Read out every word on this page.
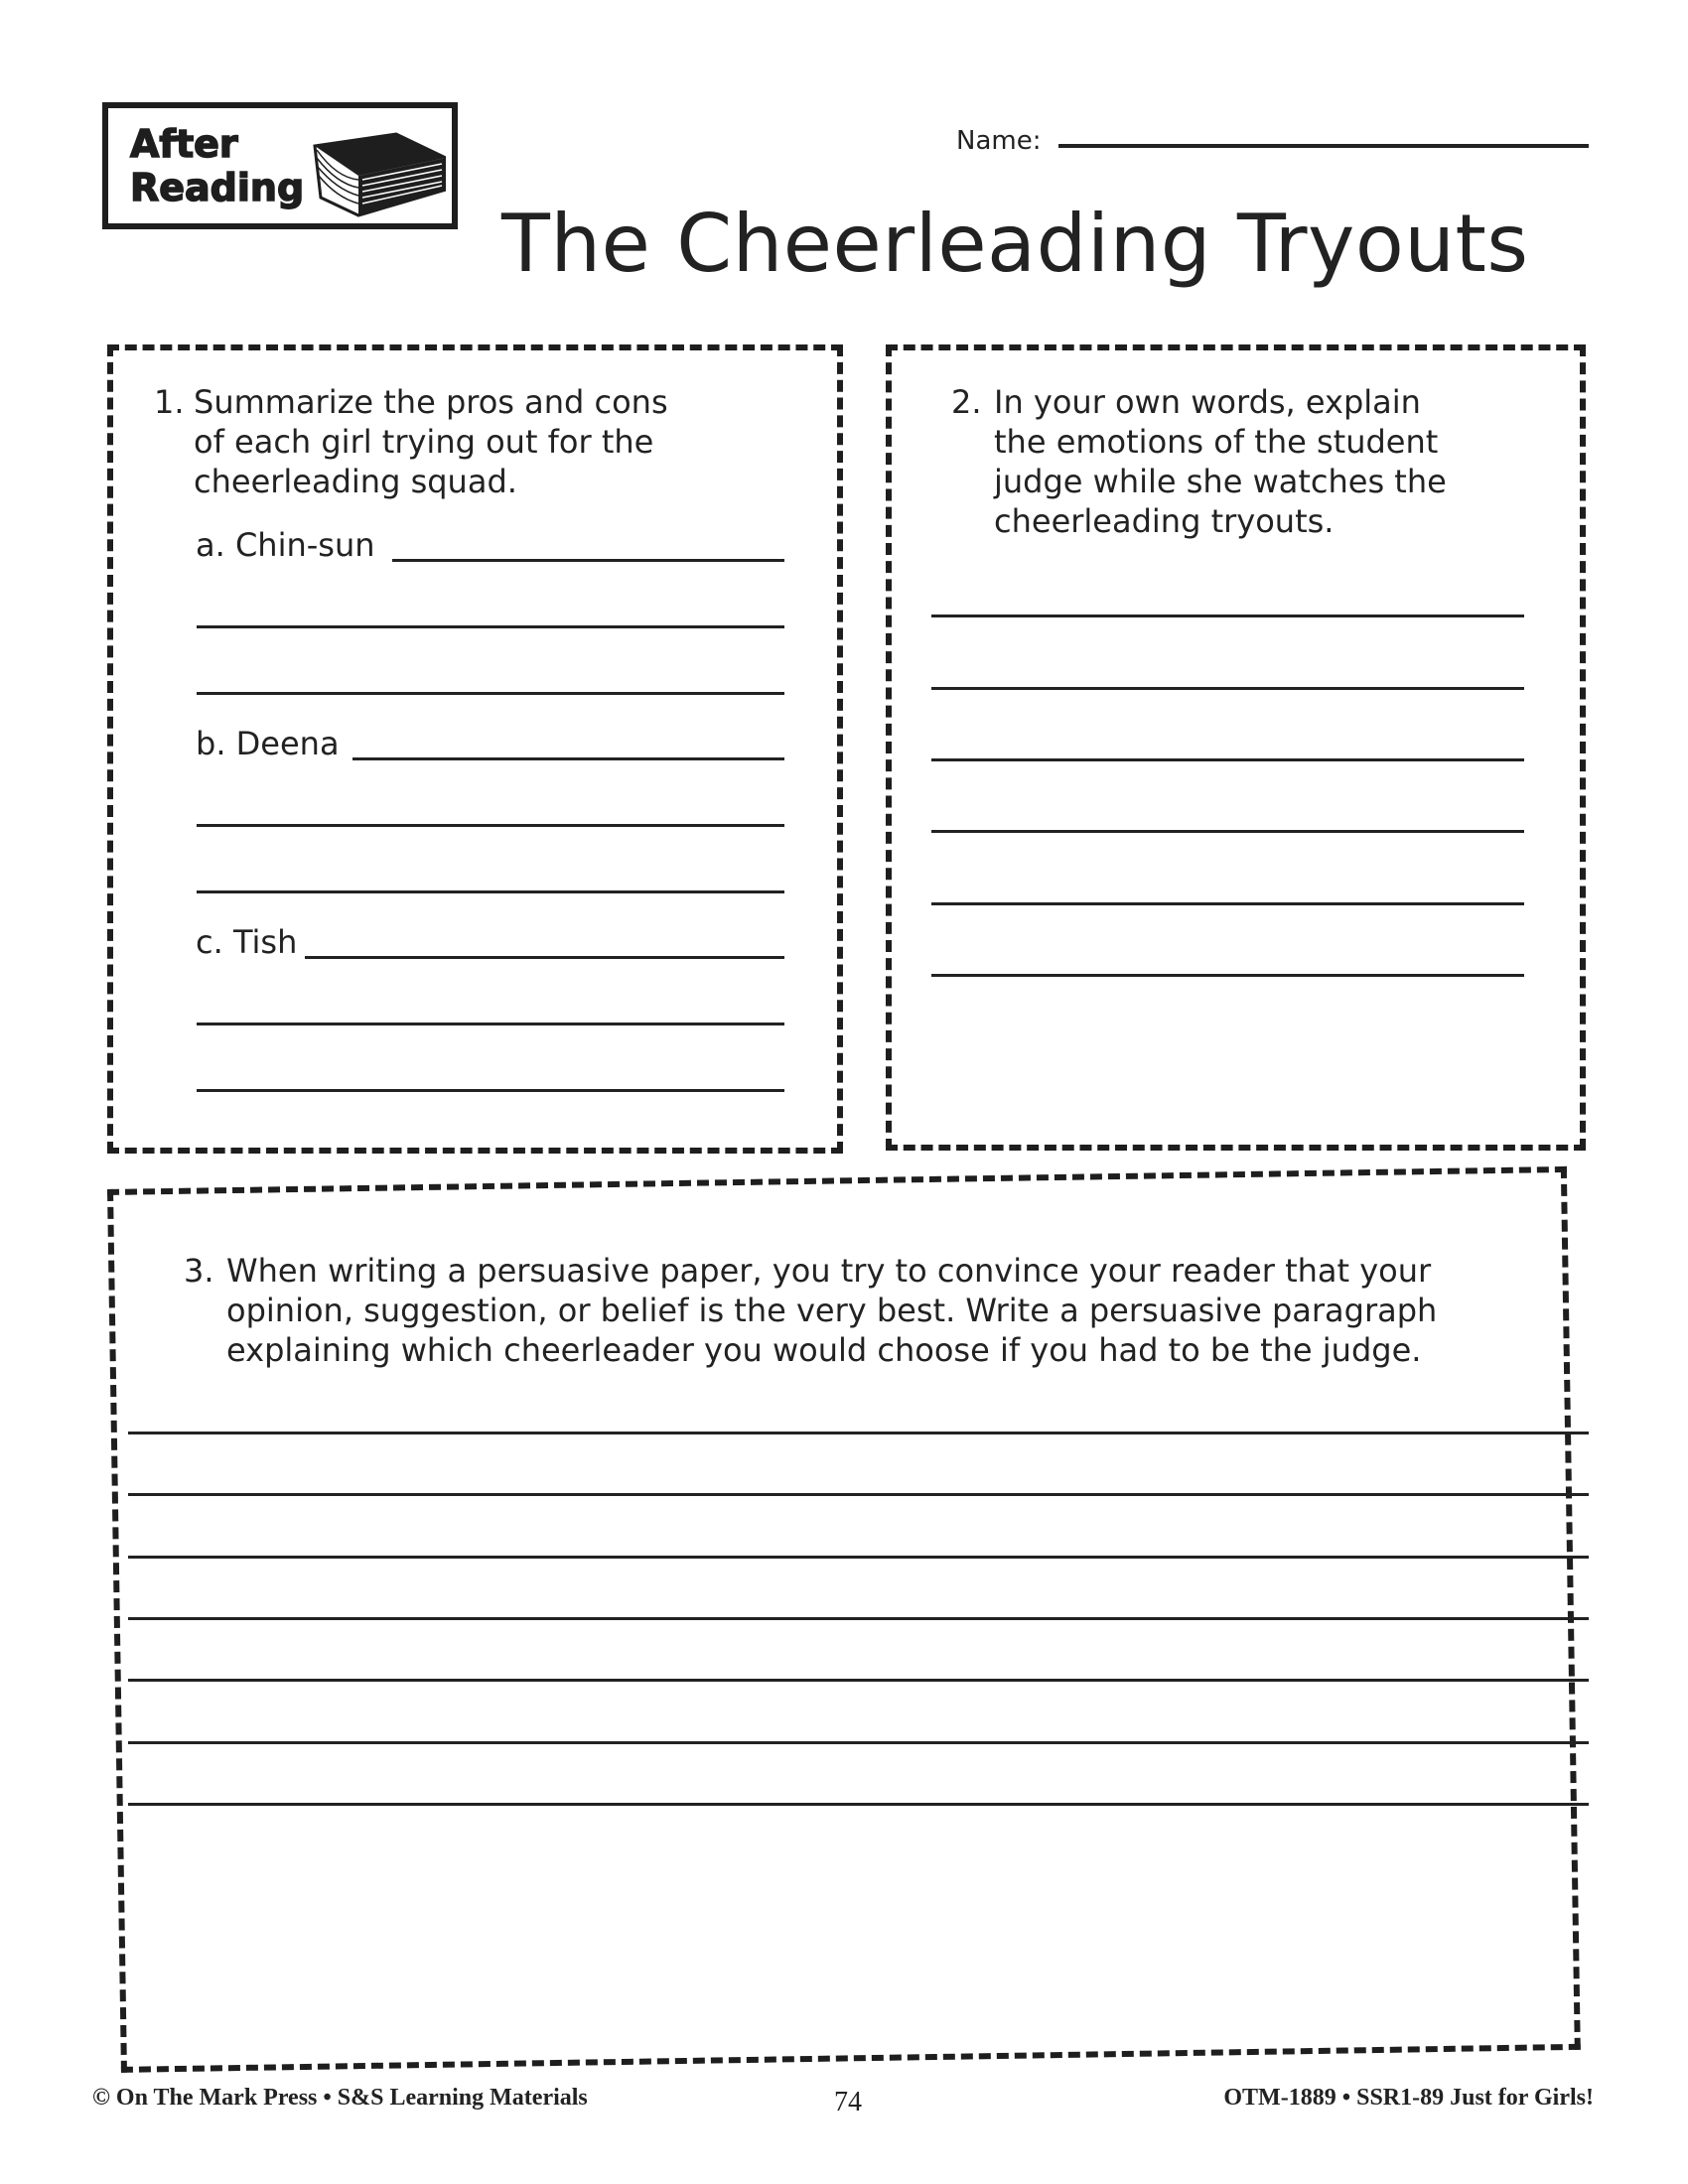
After
Reading
Name:
The Cheerleading Tryouts
1. Summarize the pros and cons
of each girl trying out for the
cheerleading squad.
a. Chin-sun
b. Deena
c. Tish
2. In your own words, explain
the emotions of the student
judge while she watches the
cheerleading tryouts.
3. When writing a persuasive paper, you try to convince your reader that your
opinion, suggestion, or belief is the very best. Write a persuasive paragraph
explaining which cheerleader you would choose if you had to be the judge.
© On The Mark Press • S&S Learning Materials	74	OTM-1889 • SSR1-89 Just for Girls!
